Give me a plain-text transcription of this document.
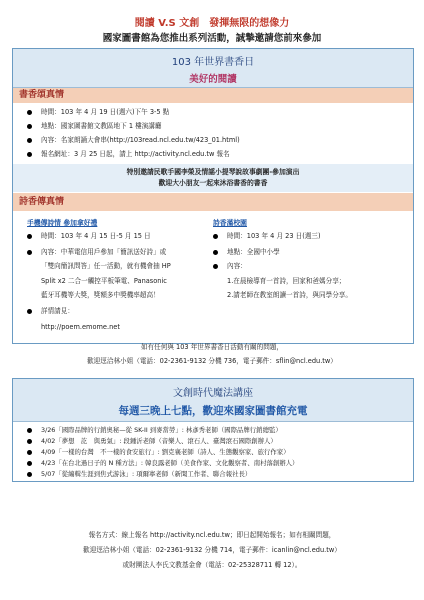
閱讀 V.S 文創　發揮無限的想像力
國家圖書館為您推出系列活動，誠摯邀請您前來參加
103 年世界書香日
美好的閱讀
書香頌真情
時間：103 年 4 月 19 日(週六)下午 3-5 點
地點：國家圖書館文教區地下 1 樓演講廳
內容：名家朗誦大會串(http://103read.ncl.edu.tw/423_01.html)
報名網址：3 月 25 日起，請上 http://activity.ncl.edu.tw 報名
特別邀請民歌手國李榮及情謡小提琴說故事劇團-參加演出
歡迎大小朋友一起來沐浴書香的書香
詩香傳真情
手機傳詩情 參加拿好禮	詩香滿校園
時間：103 年 4 月 15 日-5 月 15 日
內容：中華電信用戶參加「簡訊送好詩」或
「雙向簡訊問答」任一活動，就有機會抽 HP
Split x2 二合一觸控平板筆電、Panasonic
藍牙耳機等大獎，獎額多中獎機率超高！
詳情請見：
http://poem.emome.net
時間：103 年 4 月 23 日(週三)
地點：全國中小學
內容：
1.在晨檢導育一首詩，回家和爸媽分享；
2.請老師在教室朗讀一首詩，與同學分享。
如有任何與 103 年世界書香日活動有關的問題，
歡迎逕洽林小姐（電話：02-2361-9132 分機 736，電子郵件：sflin@ncl.edu.tw）
文創時代魔法講座
每週三晚上七點，歡迎來國家圖書館充電
3/26「國際品牌的行銷奧秘—從 SK-II 到麥當勞」: 林彥秀老師（國際品牌行銷總監）
4/02「夢想　訖　與勇氣」: 段鍾沂老師（音樂人、滾石人、臺灣滾石國際創辦人）
4/09「一樣的台灣　不一樣的食安旅行」: 劉克襄老師（詩人、生態觀察家、旅行作家）
4/23「在台北過日子的 N 種方法」: 韓良露老師（美食作家、文化觀察者、南村落創辦人）
5/07「從編輯生涯到焦式游泳」: 項爾寧老師（新聞工作者、聯合報社長）
報名方式：線上報名 http://activity.ncl.edu.tw；即日起開始報名；如有相關問題，
歡迎逕洽林小姐（電話：02-2361-9132 分機 714，電子郵件：icanlin@ncl.edu.tw）
或財團法人李氏文教基金會（電話：02-25328711 轉 12）。
